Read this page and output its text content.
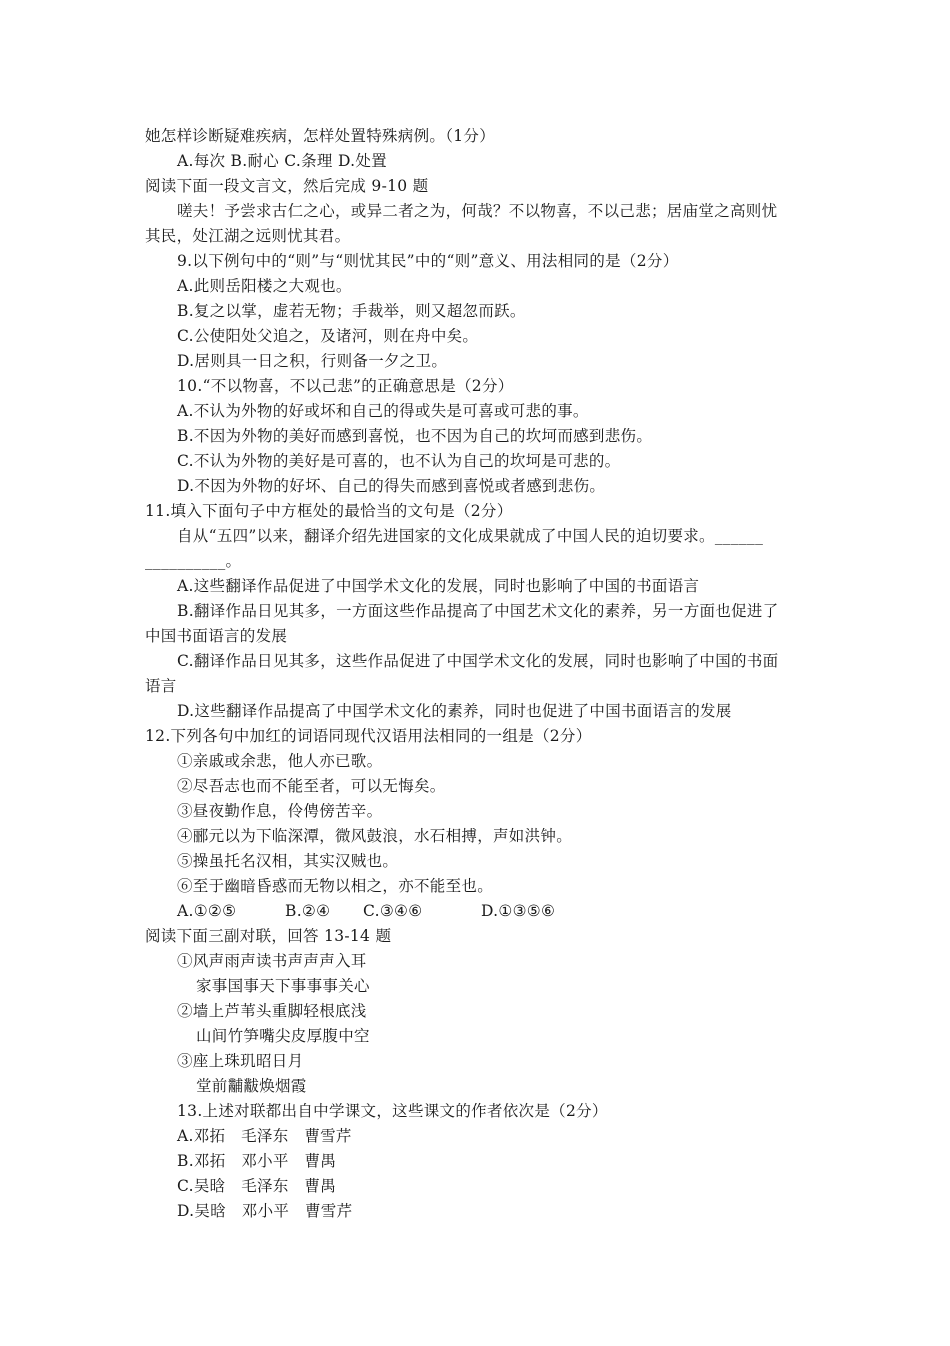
她怎样诊断疑难疾病，怎样处置特殊病例。（1分）
A.每次 B.耐心 C.条理 D.处置
阅读下面一段文言文，然后完成 9-10 题
嗟夫！予尝求古仁之心，或异二者之为，何哉？不以物喜，不以己悲；居庙堂之高则忧
其民，处江湖之远则忧其君。
9.以下例句中的“则”与“则忧其民”中的“则”意义、用法相同的是（2分）
A.此则岳阳楼之大观也。
B.复之以掌，虚若无物；手裁举，则又超忽而跃。
C.公使阳处父追之，及诸河，则在舟中矣。
D.居则具一日之积，行则备一夕之卫。
10.“不以物喜，不以己悲”的正确意思是（2分）
A.不认为外物的好或坏和自己的得或失是可喜或可悲的事。
B.不因为外物的美好而感到喜悦，也不因为自己的坎坷而感到悲伤。
C.不认为外物的美好是可喜的，也不认为自己的坎坷是可悲的。
D.不因为外物的好坏、自己的得失而感到喜悦或者感到悲伤。
11.填入下面句子中方框处的最恰当的文句是（2分）
自从“五四”以来，翻译介绍先进国家的文化成果就成了中国人民的迫切要求。______
__________。
A.这些翻译作品促进了中国学术文化的发展，同时也影响了中国的书面语言
B.翻译作品日见其多，一方面这些作品提高了中国艺术文化的素养，另一方面也促进了
中国书面语言的发展
C.翻译作品日见其多，这些作品促进了中国学术文化的发展，同时也影响了中国的书面
语言
D.这些翻译作品提高了中国学术文化的素养，同时也促进了中国书面语言的发展
12.下列各句中加红的词语同现代汉语用法相同的一组是（2分）
①亲戚或余悲，他人亦已歌。
②尽吾志也而不能至者，可以无悔矣。
③昼夜勤作息，伶俜傍苦辛。
④郦元以为下临深潭，微风鼓浪，水石相搏，声如洪钟。
⑤操虽托名汉相，其实汉贼也。
⑥至于幽暗昏惑而无物以相之，亦不能至也。
A.①②⑤	B.②④ C.③④⑥	D.①③⑤⑥
阅读下面三副对联，回答 13-14 题
①风声雨声读书声声声入耳
家事国事天下事事事关心
②墙上芦苇头重脚轻根底浅
山间竹笋嘴尖皮厚腹中空
③座上珠玑昭日月
堂前黼黻焕烟霞
13.上述对联都出自中学课文，这些课文的作者依次是（2分）
A.邓拓　毛泽东　曹雪芹
B.邓拓　邓小平　曹禺
C.吴晗　毛泽东　曹禺
D.吴晗　邓小平　曹雪芹
